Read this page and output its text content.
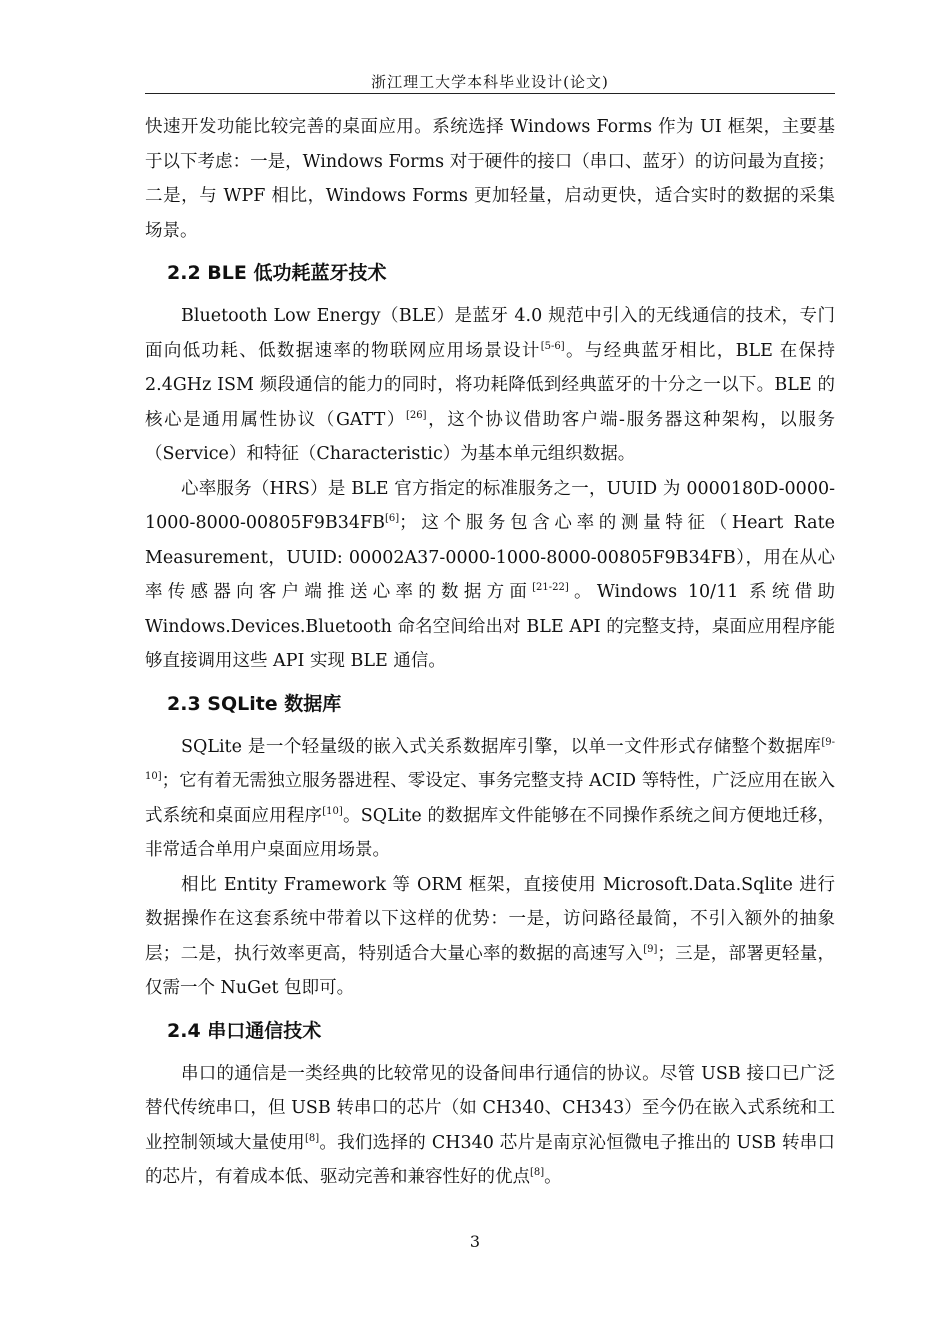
浙江理工大学本科毕业设计(论文)

快速开发功能比较完善的桌面应用。系统选择 Windows Forms 作为 UI 框架，主要基于以下考虑：一是，Windows Forms 对于硬件的接口（串口、蓝牙）的访问最为直接；二是，与 WPF 相比，Windows Forms 更加轻量，启动更快，适合实时的数据的采集场景。

2.2 BLE 低功耗蓝牙技术

Bluetooth Low Energy（BLE）是蓝牙 4.0 规范中引入的无线通信的技术，专门面向低功耗、低数据速率的物联网应用场景设计[5-6]。与经典蓝牙相比，BLE 在保持 2.4GHz ISM 频段通信的能力的同时，将功耗降低到经典蓝牙的十分之一以下。BLE 的核心是通用属性协议（GATT）[26]，这个协议借助客户端-服务器这种架构，以服务（Service）和特征（Characteristic）为基本单元组织数据。

心率服务（HRS）是 BLE 官方指定的标准服务之一，UUID 为 0000180D-0000-1000-8000-00805F9B34FB[6]；这个服务包含心率的测量特征（Heart Rate Measurement，UUID: 00002A37-0000-1000-8000-00805F9B34FB），用在从心率传感器向客户端推送心率的数据方面[21-22]。Windows 10/11 系统借助 Windows.Devices.Bluetooth 命名空间给出对 BLE API 的完整支持，桌面应用程序能够直接调用这些 API 实现 BLE 通信。

2.3 SQLite 数据库

SQLite 是一个轻量级的嵌入式关系数据库引擎，以单一文件形式存储整个数据库[9-10]；它有着无需独立服务器进程、零设定、事务完整支持 ACID 等特性，广泛应用在嵌入式系统和桌面应用程序[10]。SQLite 的数据库文件能够在不同操作系统之间方便地迁移，非常适合单用户桌面应用场景。

相比 Entity Framework 等 ORM 框架，直接使用 Microsoft.Data.Sqlite 进行数据操作在这套系统中带着以下这样的优势：一是，访问路径最简，不引入额外的抽象层；二是，执行效率更高，特别适合大量心率的数据的高速写入[9]；三是，部署更轻量，仅需一个 NuGet 包即可。

2.4 串口通信技术

串口的通信是一类经典的比较常见的设备间串行通信的协议。尽管 USB 接口已广泛替代传统串口，但 USB 转串口的芯片（如 CH340、CH343）至今仍在嵌入式系统和工业控制领域大量使用[8]。我们选择的 CH340 芯片是南京沁恒微电子推出的 USB 转串口的芯片，有着成本低、驱动完善和兼容性好的优点[8]。

3
